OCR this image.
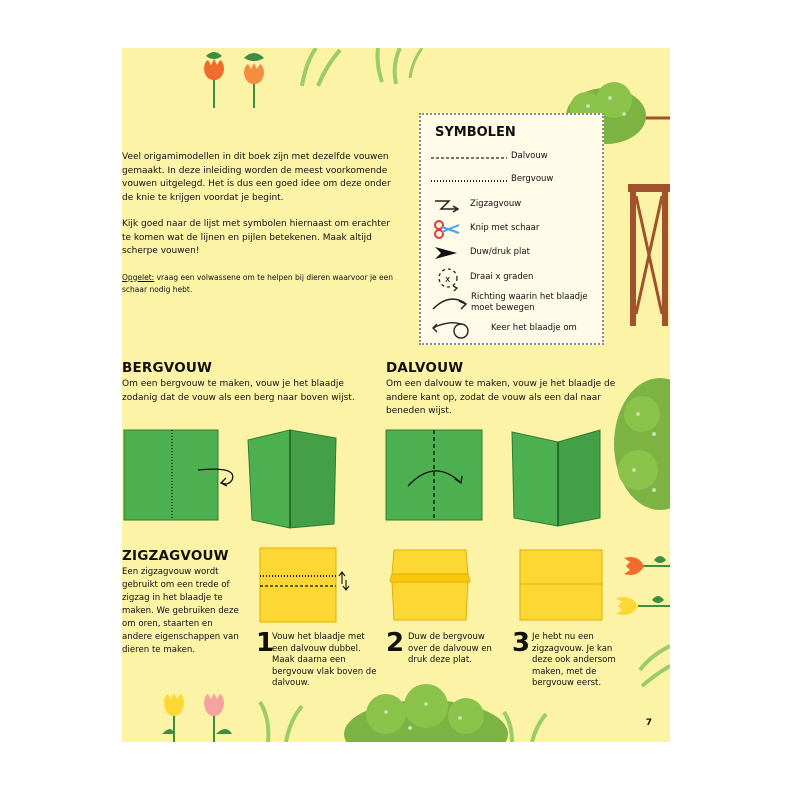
Veel origamimodellen in dit boek zijn met dezelfde vouwen gemaakt. In deze inleiding worden de meest voorkomende vouwen uitgelegd. Het is dus een goed idee om deze onder de knie te krijgen voordat je begint.

Kijk goed naar de lijst met symbolen hiernaast om erachter te komen wat de lijnen en pijlen betekenen. Maak altijd scherpe vouwen!

Opgelet: vraag een volwassene om te helpen bij dieren waarvoor je een schaar nodig hebt.

SYMBOLEN
Dalvouw
Bergvouw
Zigzagvouw
Knip met schaar
Duw/druk plat
x Draai x graden
Richting waarin het blaadje moet bewegen
Keer het blaadje om
BERGVOUW

Om een bergvouw te maken, vouw je het blaadje zodanig dat de vouw als een berg naar boven wijst.

DALVOUW

Om een dalvouw te maken, vouw je het blaadje de andere kant op, zodat de vouw als een dal naar beneden wijst.

ZIGZAGVOUW

Een zigzagvouw wordt gebruikt om een trede of zigzag in het blaadje te maken. We gebruiken deze om oren, staarten en andere eigenschappen van dieren te maken.	1
Vouw het blaadje met een dalvouw dubbel. Maak daarna een bergvouw vlak boven de dalvouw.
2 Duw de bergvouw over de dalvouw en druk deze plat.
3 Je hebt nu een zigzagvouw. Je kan deze ook andersom maken, met de bergvouw eerst.
7
